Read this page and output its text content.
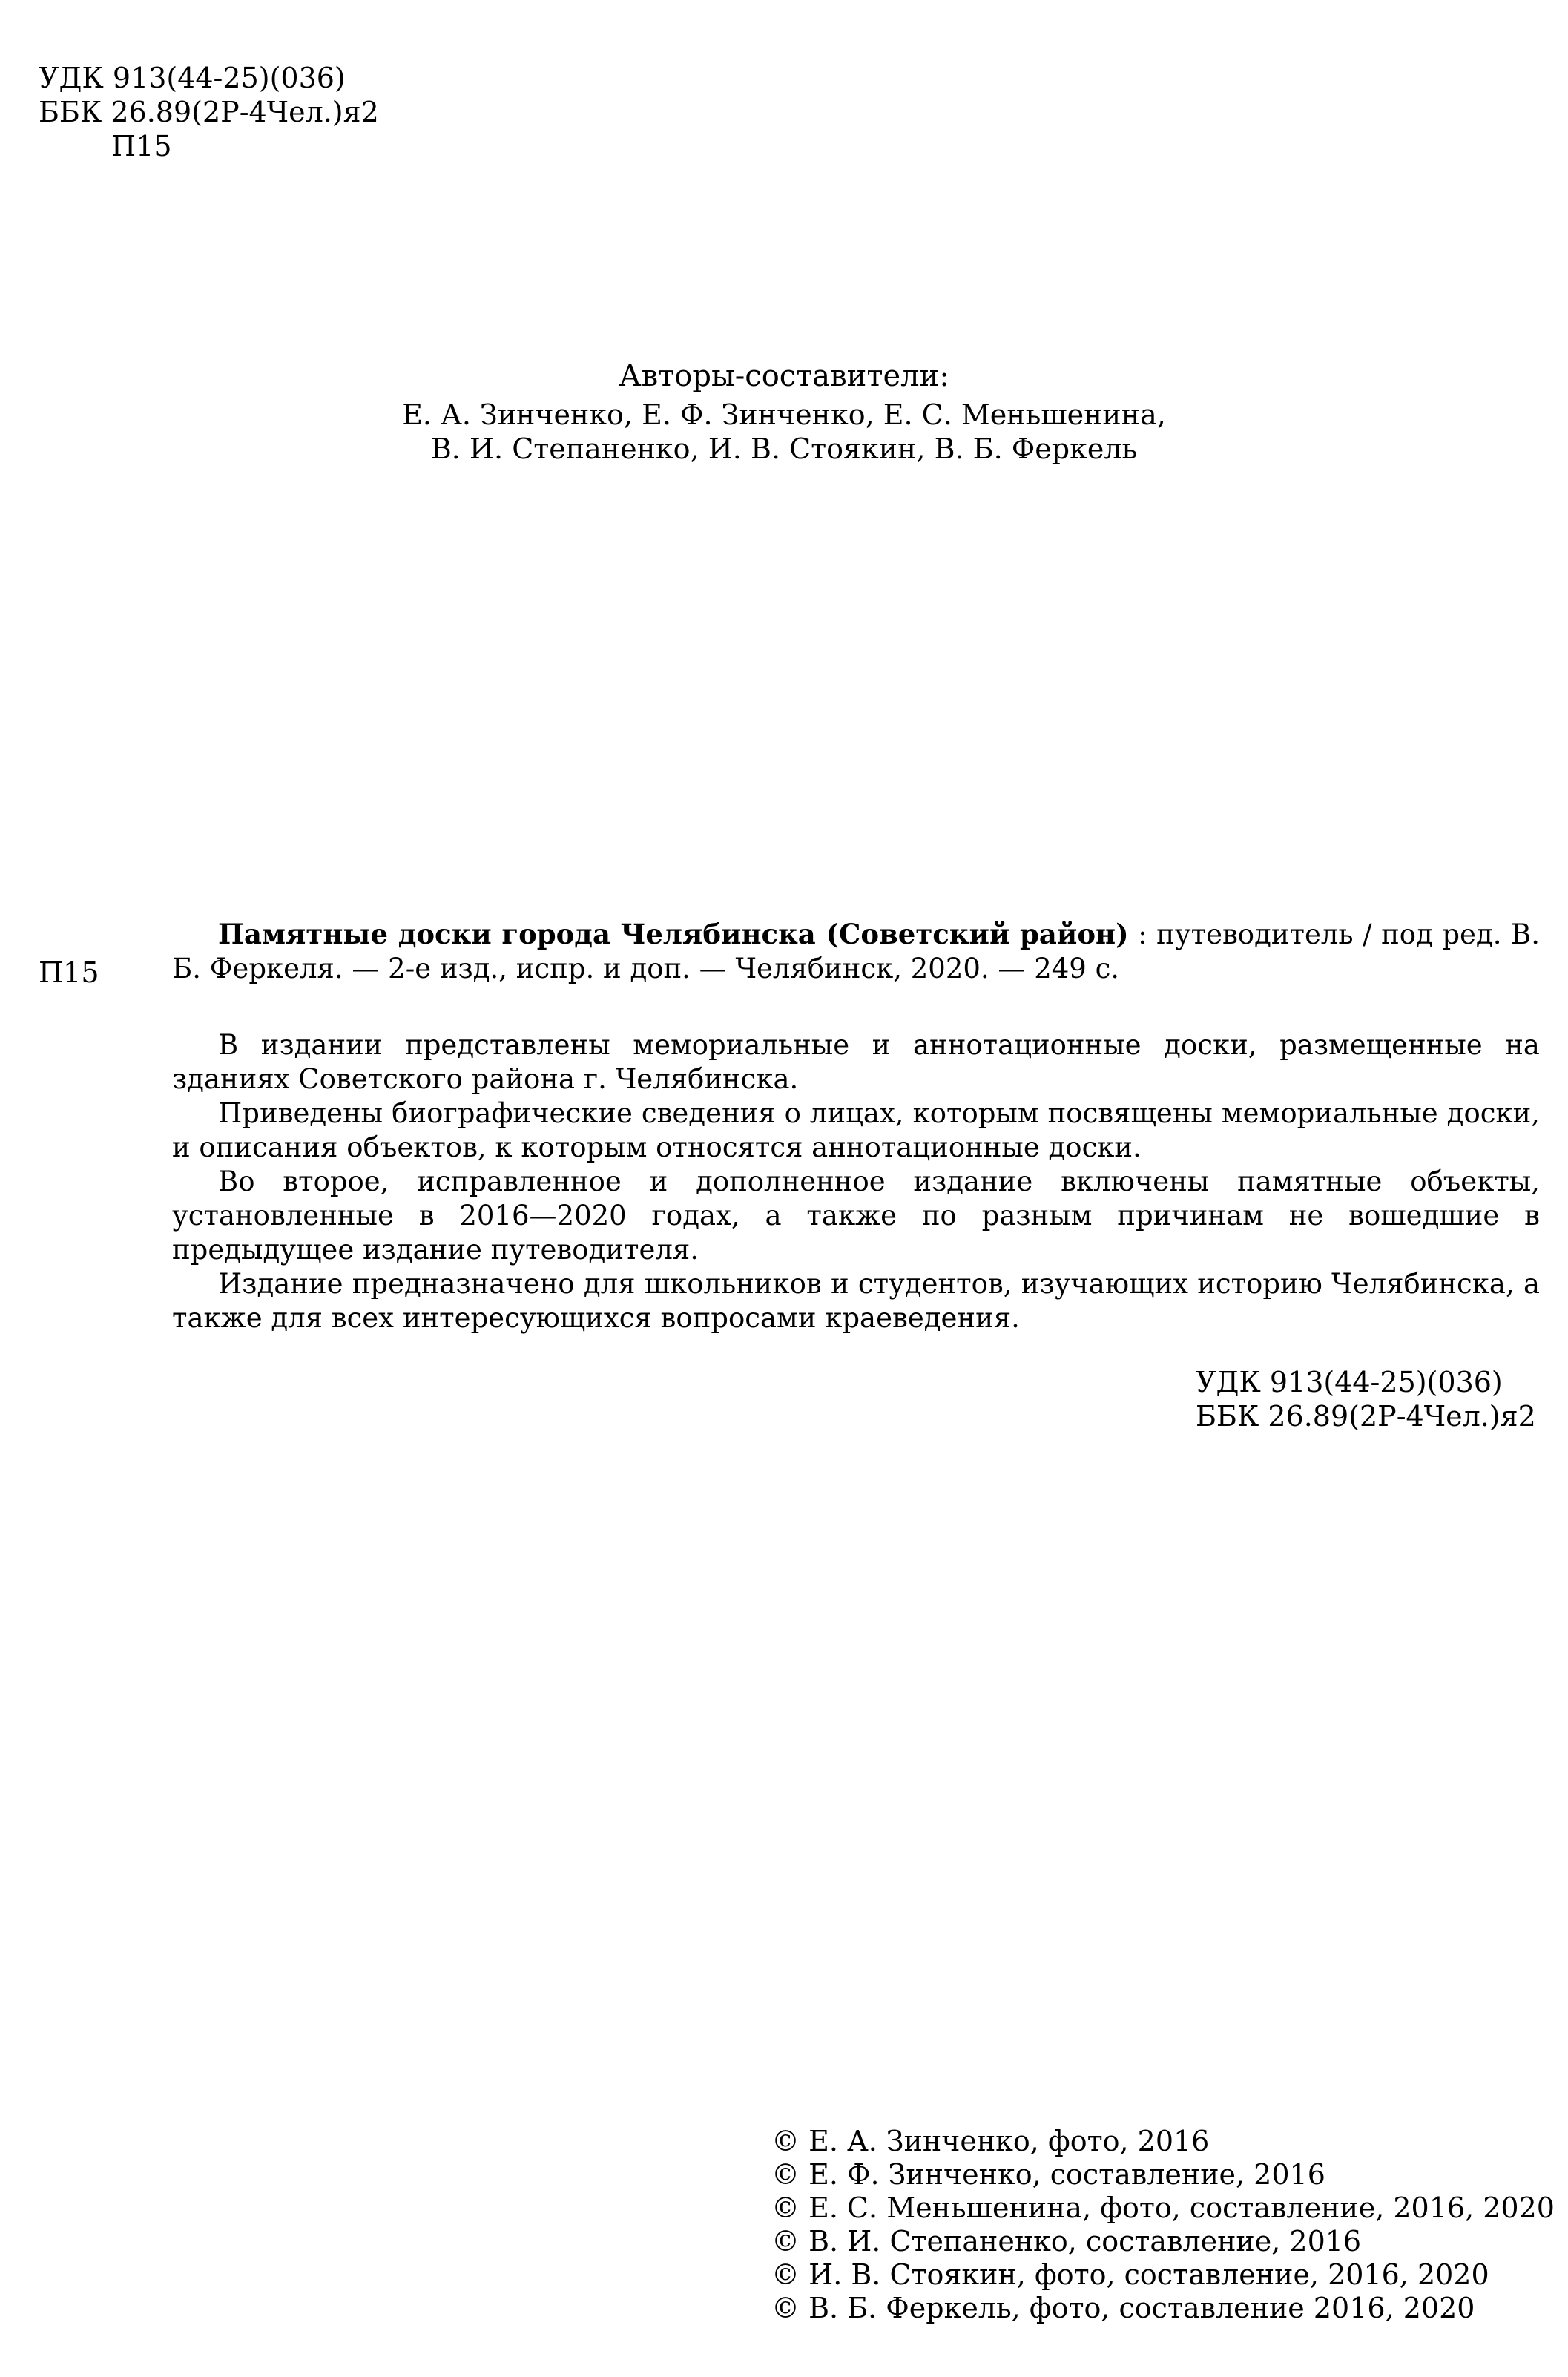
УДК 913(44-25)(036)
ББК 26.89(2Р-4Чел.)я2
П15
Авторы-составители:
Е. А. Зинченко, Е. Ф. Зинченко, Е. С. Меньшенина,
В. И. Степаненко, И. В. Стоякин, В. Б. Феркель
П15

Памятные доски города Челябинска (Советский район) : путеводитель / под ред. В. Б. Феркеля. — 2-е изд., испр. и доп. — Челябинск, 2020. — 249 с.

В издании представлены мемориальные и аннотационные доски, размещенные на зданиях Советского района г. Челябинска.

Приведены биографические сведения о лицах, которым посвящены мемориальные доски, и описания объектов, к которым относятся аннотационные доски.

Во второе, исправленное и дополненное издание включены памятные объекты, установленные в 2016—2020 годах, а также по разным причинам не вошедшие в предыдущее издание путеводителя.

Издание предназначено для школьников и студентов, изучающих историю Челябинска, а также для всех интересующихся вопросами краеведения.

УДК 913(44-25)(036)
ББК 26.89(2Р-4Чел.)я2
© Е. А. Зинченко, фото, 2016
© Е. Ф. Зинченко, составление, 2016
© Е. С. Меньшенина, фото, составление, 2016, 2020
© В. И. Степаненко, составление, 2016
© И. В. Стоякин, фото, составление, 2016, 2020
© В. Б. Феркель, фото, составление 2016, 2020
